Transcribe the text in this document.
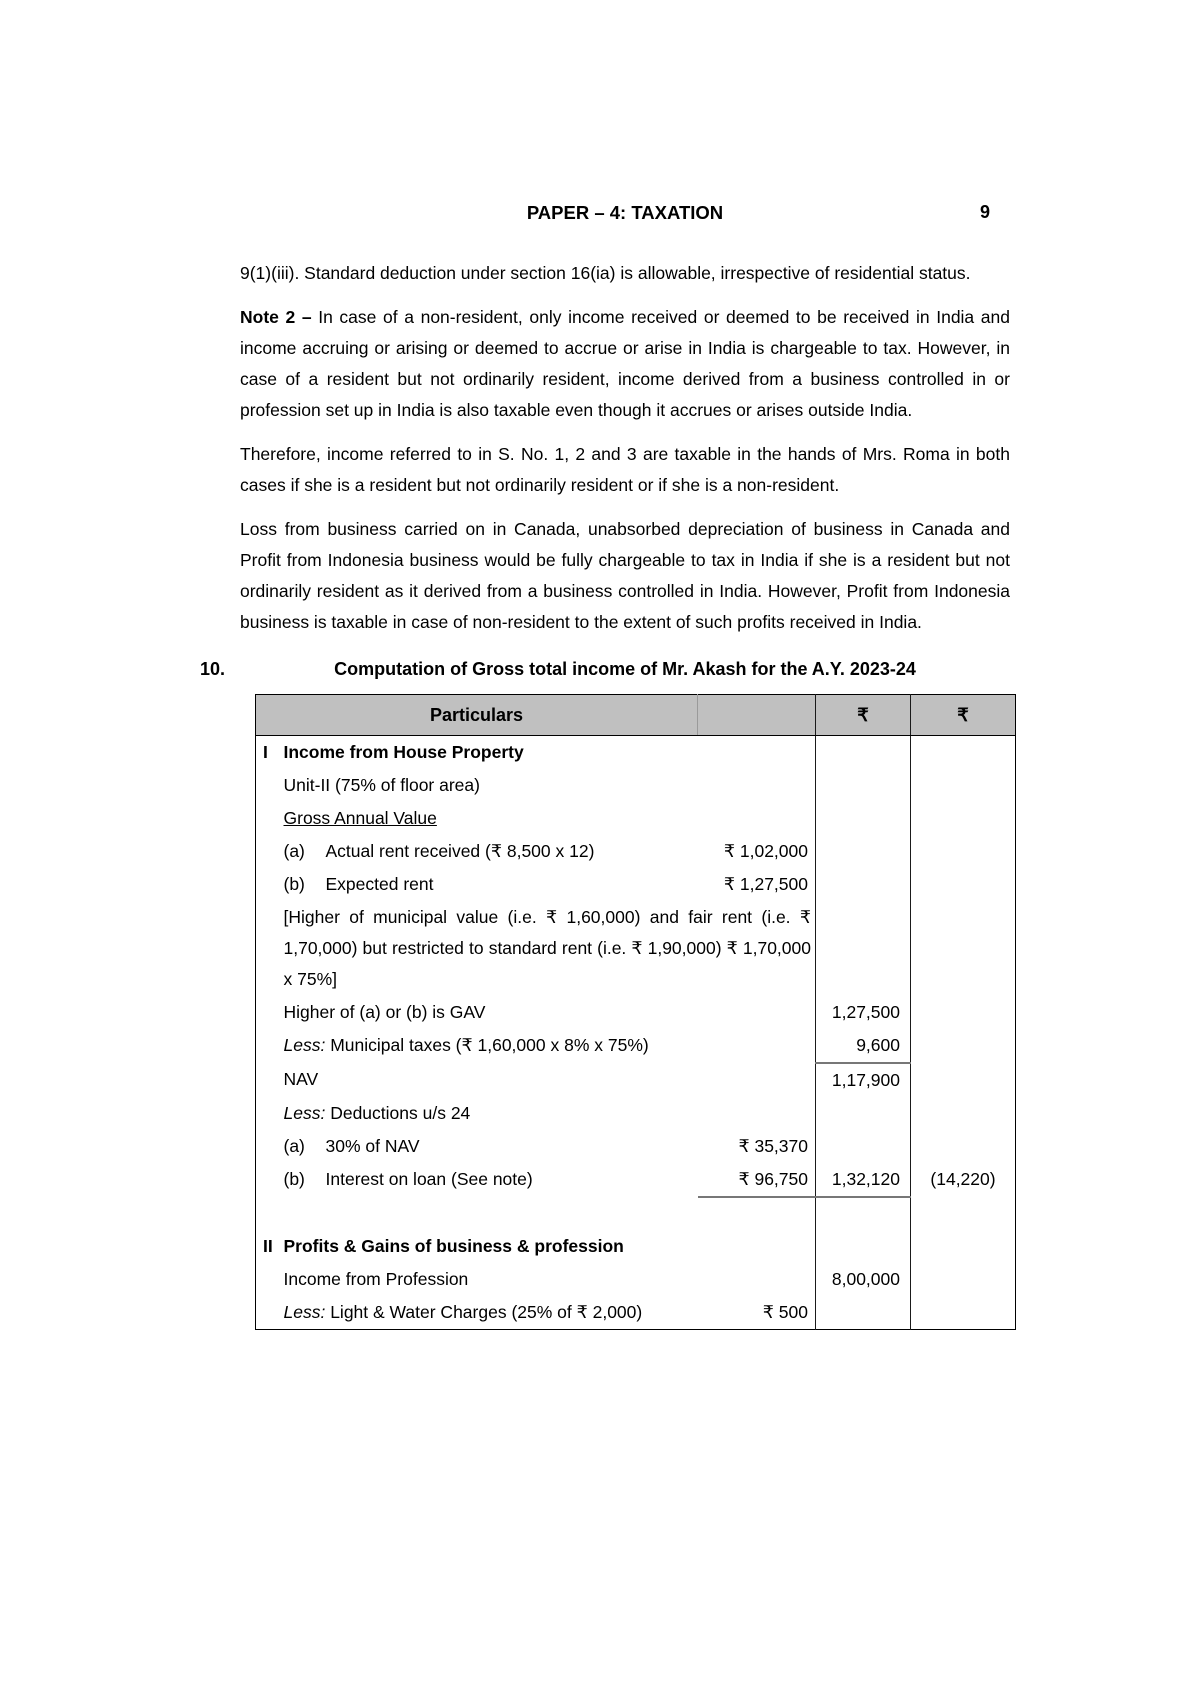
PAPER – 4: TAXATION	9

9(1)(iii). Standard deduction under section 16(ia) is allowable, irrespective of residential status.

Note 2 – In case of a non-resident, only income received or deemed to be received in India and income accruing or arising or deemed to accrue or arise in India is chargeable to tax. However, in case of a resident but not ordinarily resident, income derived from a business controlled in or profession set up in India is also taxable even though it accrues or arises outside India.

Therefore, income referred to in S. No. 1, 2 and 3 are taxable in the hands of Mrs. Roma in both cases if she is a resident but not ordinarily resident or if she is a non-resident.

Loss from business carried on in Canada, unabsorbed depreciation of business in Canada and Profit from Indonesia business would be fully chargeable to tax in India if she is a resident but not ordinarily resident as it derived from a business controlled in India. However, Profit from Indonesia business is taxable in case of non-resident to the extent of such profits received in India.

10.	Computation of Gross total income of Mr. Akash for the A.Y. 2023-24
Particulars			₹	₹
I	Income from House Property			
	Unit-II (75% of floor area)			
	Gross Annual Value			
	(a) Actual rent received (₹ 8,500 x 12)	₹ 1,02,000		
	(b) Expected rent	₹ 1,27,500		
	[Higher of municipal value (i.e. ₹ 1,60,000) and fair rent (i.e. ₹ 1,70,000) but restricted to standard rent (i.e. ₹ 1,90,000) ₹ 1,70,000 x 75%]			
	Higher of (a) or (b) is GAV		1,27,500	
	Less: Municipal taxes (₹ 1,60,000 x 8% x 75%)		9,600	
	NAV		1,17,900	
	Less: Deductions u/s 24			
	(a) 30% of NAV	₹ 35,370		
	(b) Interest on loan (See note)	₹ 96,750	1,32,120	(14,220)

II	Profits & Gains of business & profession			
	Income from Profession		8,00,000	
	Less: Light & Water Charges (25% of ₹ 2,000)	₹ 500		
